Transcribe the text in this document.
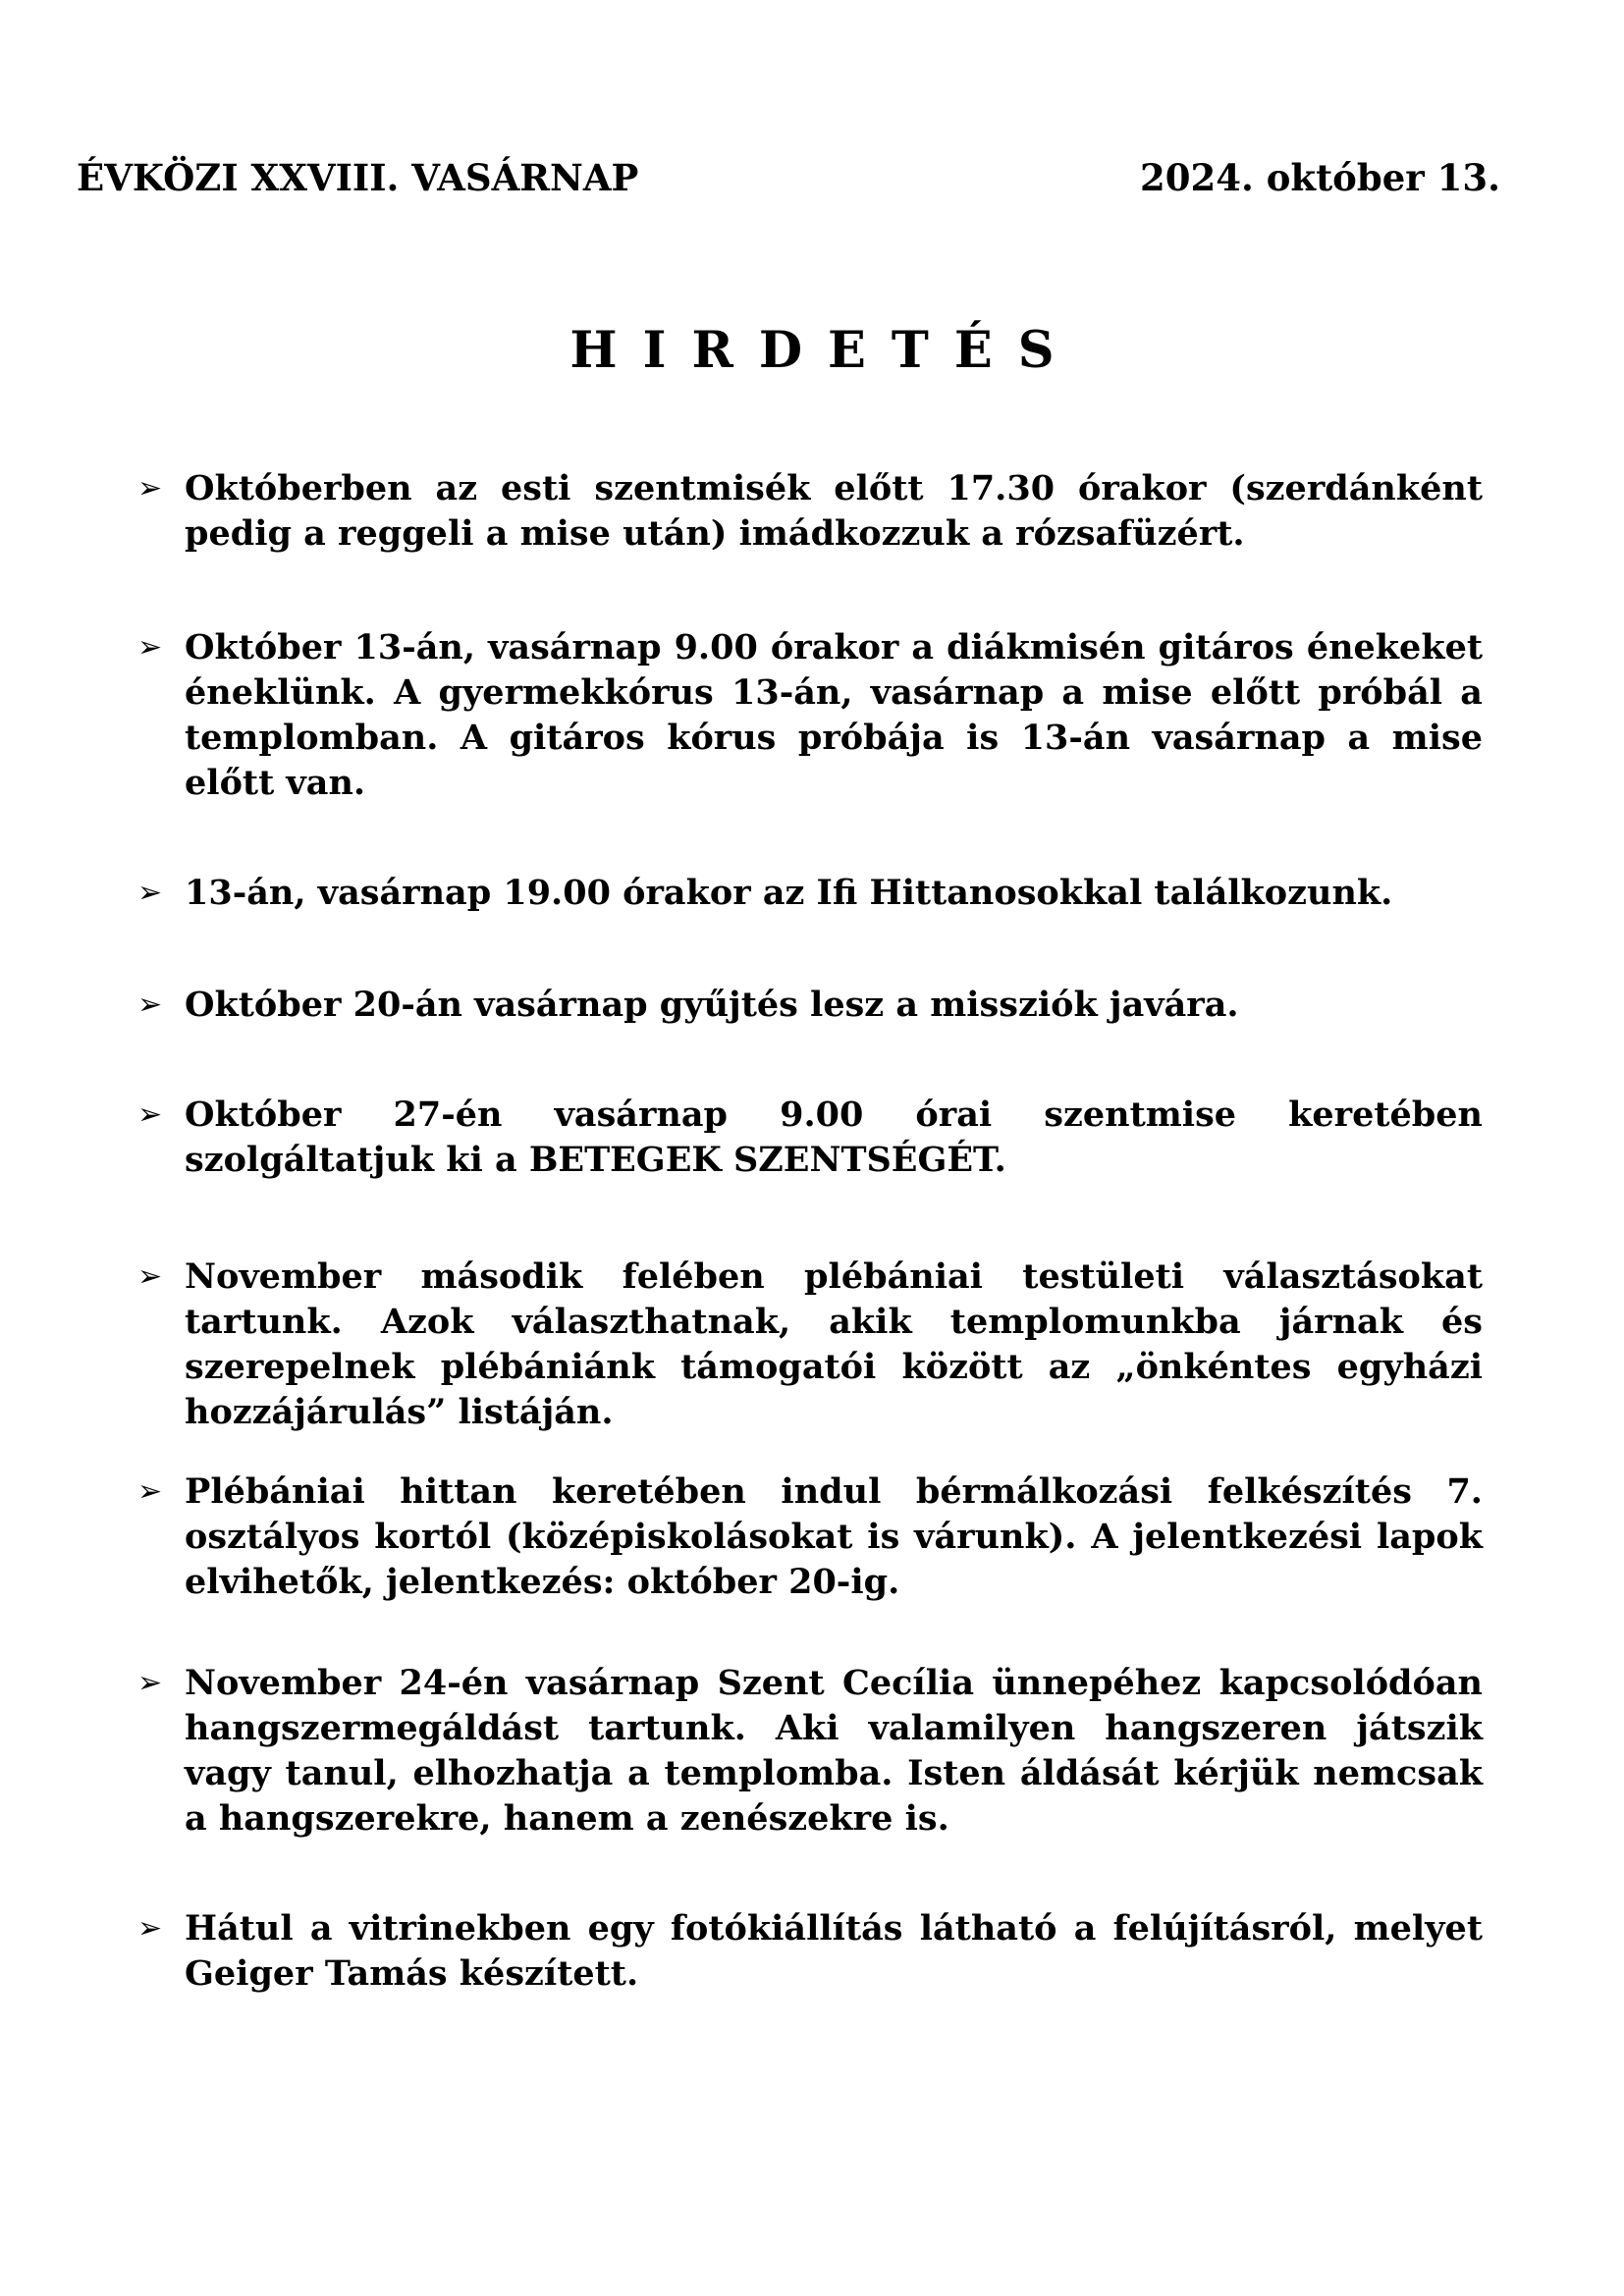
ÉVKÖZI XXVIII. VASÁRNAP	2024. október 13.
HIRDETÉS
➢ Októberben az esti szentmisék előtt 17.30 órakor (szerdánként pedig a reggeli a mise után) imádkozzuk a rózsafüzért.
➢ Október 13-án, vasárnap 9.00 órakor a diákmisén gitáros énekeket éneklünk. A gyermekkórus 13-án, vasárnap a mise előtt próbál a templomban. A gitáros kórus próbája is 13-án vasárnap a mise előtt van.
➢ 13-án, vasárnap 19.00 órakor az Ifi Hittanosokkal találkozunk.
➢ Október 20-án vasárnap gyűjtés lesz a missziók javára.
➢ Október 27-én vasárnap 9.00 órai szentmise keretében szolgáltatjuk ki a BETEGEK SZENTSÉGÉT.
➢ November második felében plébániai testületi választásokat tartunk. Azok választhatnak, akik templomunkba járnak és szerepelnek plébániánk támogatói között az „önkéntes egyházi hozzájárulás” listáján.
➢ Plébániai hittan keretében indul bérmálkozási felkészítés 7. osztályos kortól (középiskolásokat is várunk). A jelentkezési lapok elvihetők, jelentkezés: október 20-ig.
➢ November 24-én vasárnap Szent Cecília ünnepéhez kapcsolódóan hangszermegáldást tartunk. Aki valamilyen hangszeren játszik vagy tanul, elhozhatja a templomba. Isten áldását kérjük nemcsak a hangszerekre, hanem a zenészekre is.
➢ Hátul a vitrinekben egy fotókiállítás látható a felújításról, melyet Geiger Tamás készített.
